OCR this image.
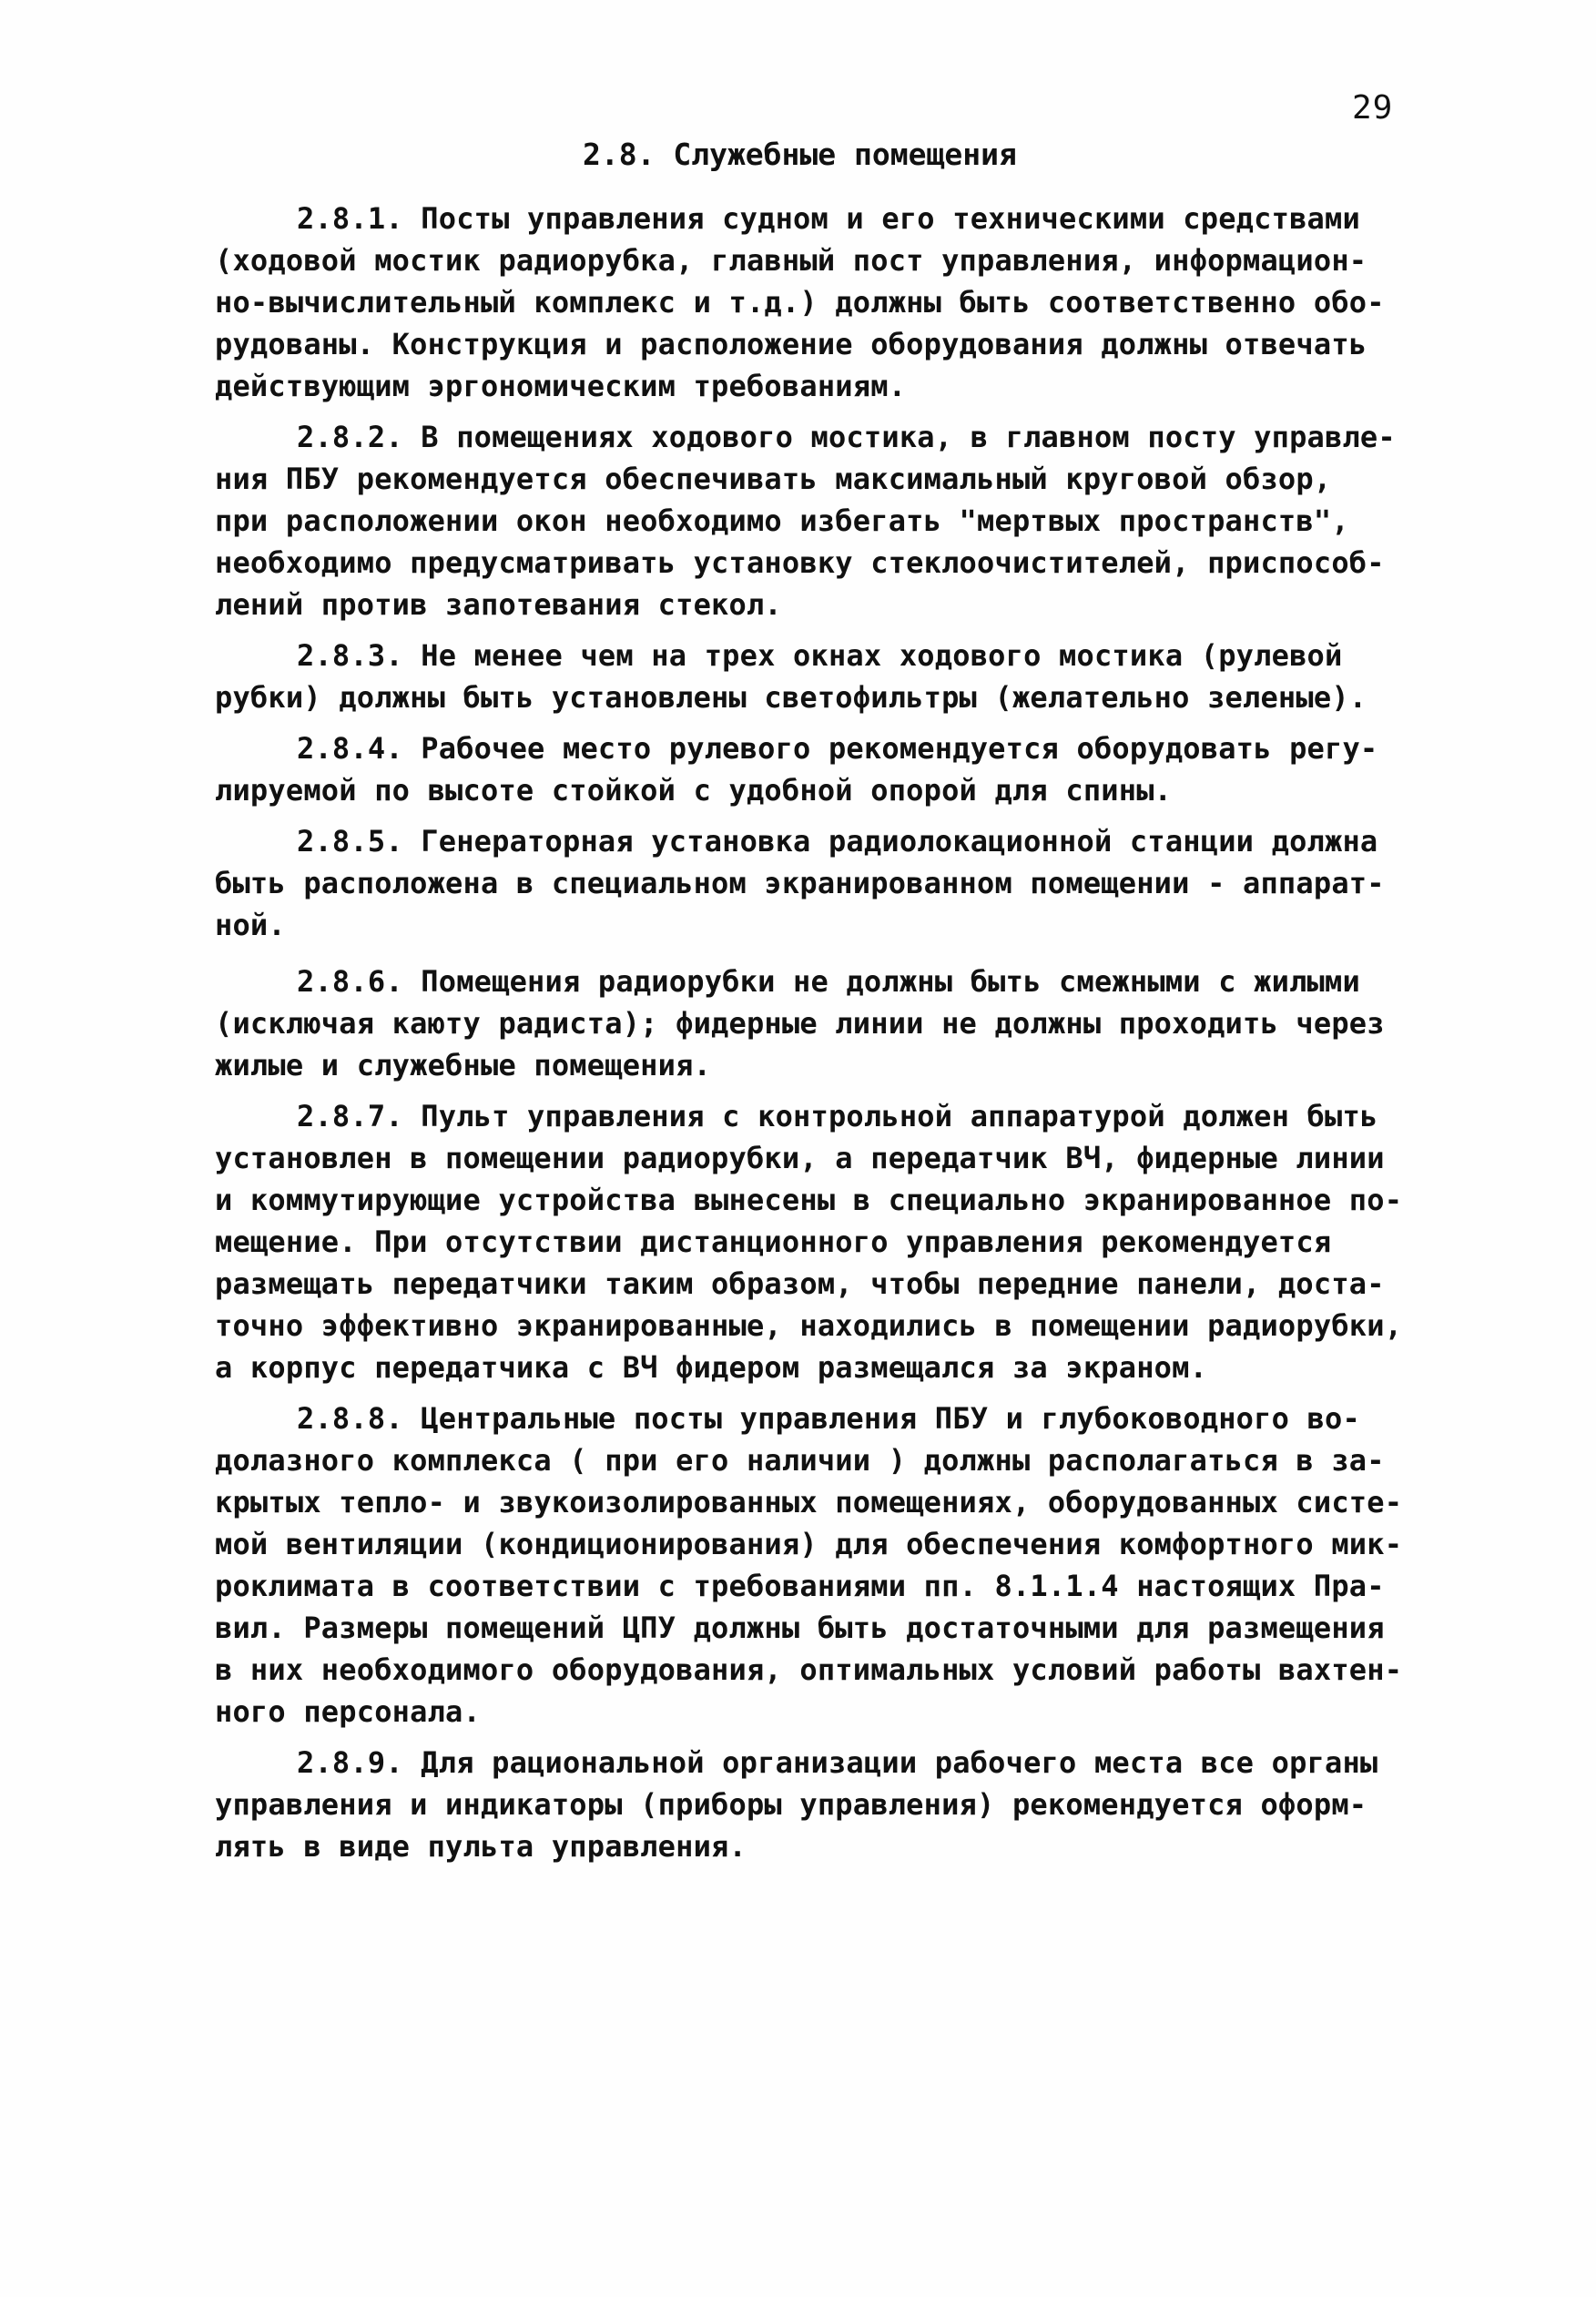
29
2.8. Служебные помещения
2.8.1. Посты управления судном и его техническими средствами
(ходовой мостик радиорубка, главный пост управления, информацион-
но-вычислительный комплекс и т.д.) должны быть соответственно обо-
рудованы. Конструкция и расположение оборудования должны отвечать
действующим эргономическим требованиям.
2.8.2. В помещениях ходового мостика, в главном посту управле-
ния ПБУ рекомендуется обеспечивать максимальный круговой обзор,
при расположении окон необходимо избегать "мертвых пространств",
необходимо предусматривать установку стеклоочистителей, приспособ-
лений против запотевания стекол.
2.8.3. Не менее чем на трех окнах ходового мостика (рулевой
рубки) должны быть установлены светофильтры (желательно зеленые).
2.8.4. Рабочее место рулевого рекомендуется оборудовать регу-
лируемой по высоте стойкой с удобной опорой для спины.
2.8.5. Генераторная установка радиолокационной станции должна
быть расположена в специальном экранированном помещении - аппарат-
ной.
2.8.6. Помещения радиорубки не должны быть смежными с жилыми
(исключая каюту радиста); фидерные линии не должны проходить через
жилые и служебные помещения.
2.8.7. Пульт управления с контрольной аппаратурой должен быть
установлен в помещении радиорубки, а передатчик ВЧ, фидерные линии
и коммутирующие устройства вынесены в специально экранированное по-
мещение. При отсутствии дистанционного управления рекомендуется
размещать передатчики таким образом, чтобы передние панели, доста-
точно эффективно экранированные, находились в помещении радиорубки,
а корпус передатчика с ВЧ фидером размещался за экраном.
2.8.8. Центральные посты управления ПБУ и глубоководного во-
долазного комплекса ( при его наличии ) должны располагаться в за-
крытых тепло- и звукоизолированных помещениях, оборудованных систе-
мой вентиляции (кондиционирования) для обеспечения комфортного мик-
роклимата в соответствии с требованиями пп. 8.1.1.4 настоящих Пра-
вил. Размеры помещений ЦПУ должны быть достаточными для размещения
в них необходимого оборудования, оптимальных условий работы вахтен-
ного персонала.
2.8.9. Для рациональной организации рабочего места все органы
управления и индикаторы (приборы управления) рекомендуется оформ-
лять в виде пульта управления.
